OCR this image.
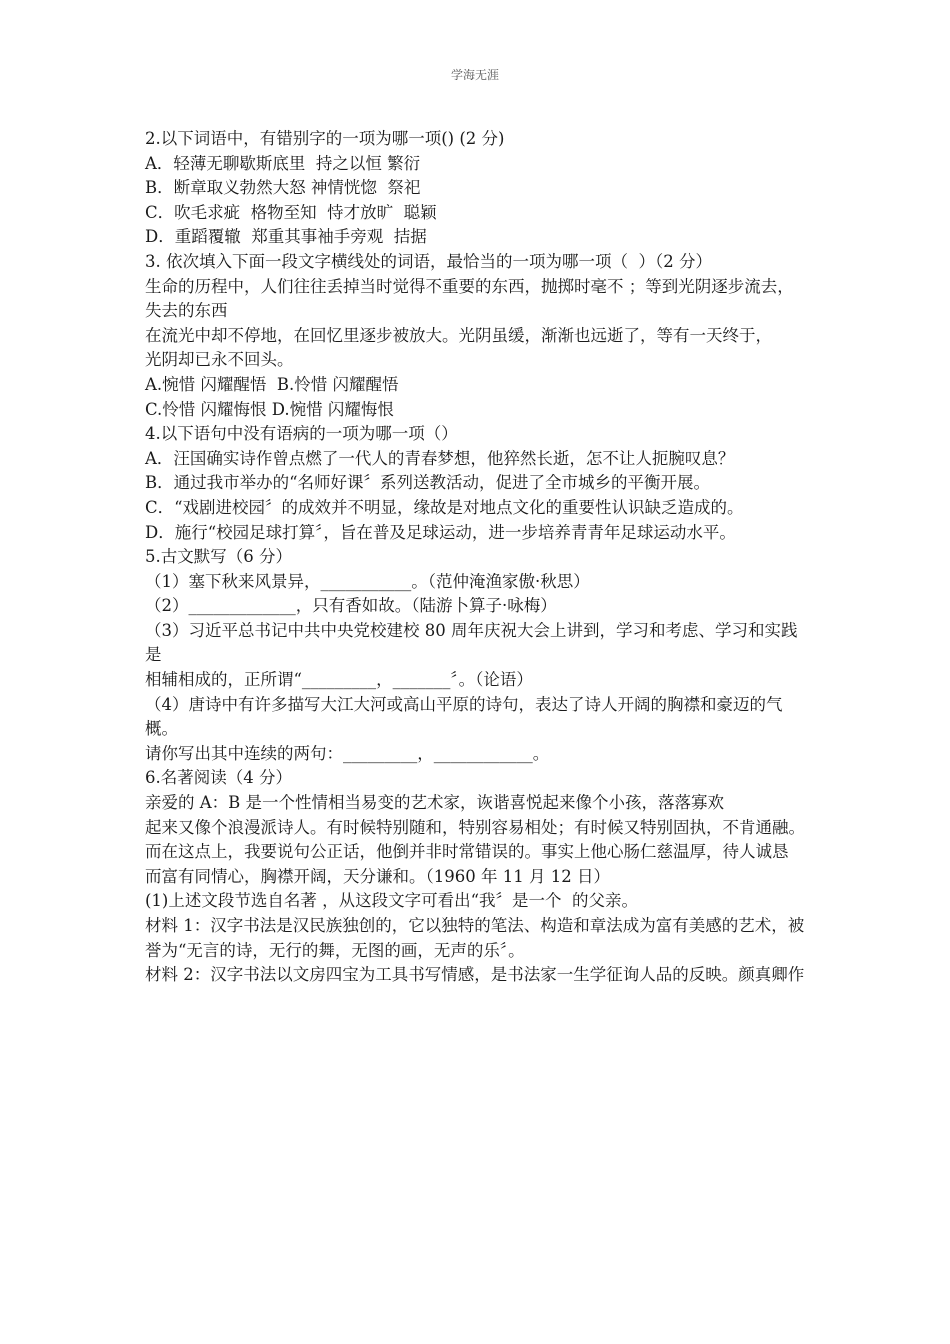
学海无涯
2.以下词语中，有错别字的一项为哪一项() (2 分)
A．轻薄无聊歇斯底里  持之以恒 繁衍
B．断章取义勃然大怒 神情恍惚  祭祀
C．吹毛求疵  格物至知  恃才放旷  聪颖
D．重蹈覆辙  郑重其事袖手旁观  拮据
3. 依次填入下面一段文字横线处的词语，最恰当的一项为哪一项（  ）（2 分）
生命的历程中，人们往往丢掉当时觉得不重要的东西，抛掷时毫不 ；等到光阴逐步流去，失去的东西
在流光中却不停地，在回忆里逐步被放大。光阴虽缓，渐渐也远逝了，等有一天终于，
光阴却已永不回头。
A.惋惜 闪耀醒悟  B.怜惜 闪耀醒悟
C.怜惜 闪耀悔恨 D.惋惜 闪耀悔恨
4.以下语句中没有语病的一项为哪一项（）
A．汪国确实诗作曾点燃了一代人的青春梦想，他猝然长逝，怎不让人扼腕叹息？
B．通过我市举办的“名师好课〞系列送教活动，促进了全市城乡的平衡开展。
C．“戏剧进校园〞的成效并不明显，缘故是对地点文化的重要性认识缺乏造成的。
D．施行“校园足球打算〞，旨在普及足球运动，进一步培养青青年足球运动水平。
5.古文默写（6 分）
（1）塞下秋来风景异，___________。（范仲淹渔家傲·秋思）
（2）_____________，只有香如故。（陆游卜算子·咏梅）
（3）习近平总书记中共中央党校建校 80 周年庆祝大会上讲到，学习和考虑、学习和实践是
相辅相成的，正所谓“_________，_______〞。（论语）
（4）唐诗中有许多描写大江大河或高山平原的诗句，表达了诗人开阔的胸襟和豪迈的气概。
请你写出其中连续的两句：_________，____________。
6.名著阅读（4 分）
亲爱的 A：B 是一个性情相当易变的艺术家，诙谐喜悦起来像个小孩，落落寡欢
起来又像个浪漫派诗人。有时候特别随和，特别容易相处；有时候又特别固执，不肯通融。
而在这点上，我要说句公正话，他倒并非时常错误的。事实上他心肠仁慈温厚，待人诚恳
而富有同情心，胸襟开阔，天分谦和。（1960 年 11 月 12 日）
(1)上述文段节选自名著 ，从这段文字可看出“我〞是一个  的父亲。
材料 1：汉字书法是汉民族独创的，它以独特的笔法、构造和章法成为富有美感的艺术，被
誉为“无言的诗，无行的舞，无图的画，无声的乐〞。
材料 2：汉字书法以文房四宝为工具书写情感，是书法家一生学征询人品的反映。颜真卿作
